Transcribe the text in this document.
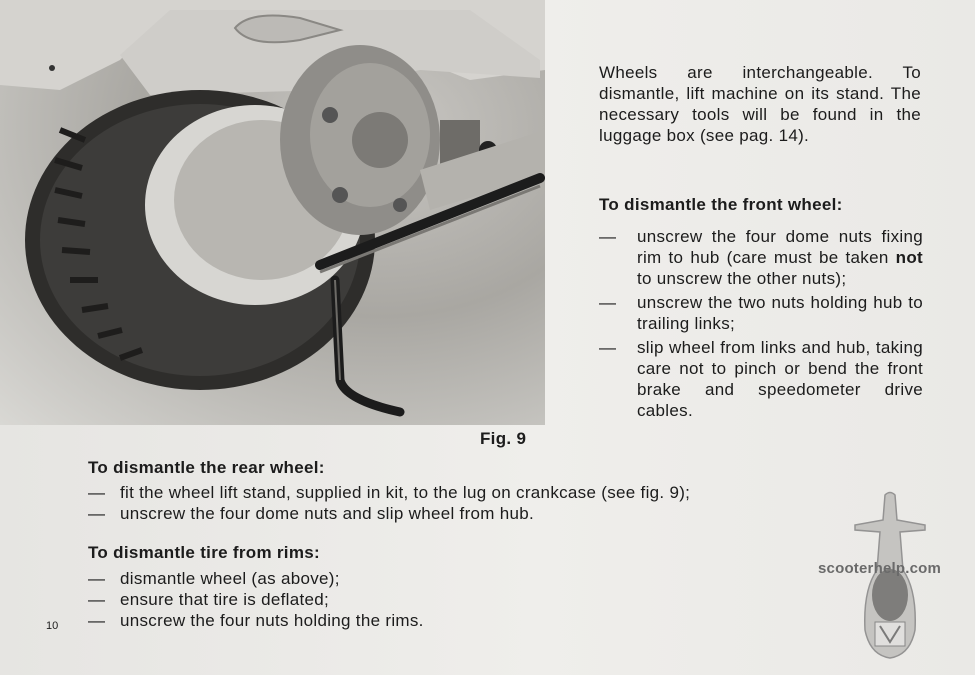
Wheels are interchangeable. To dismantle, lift machine on its stand. The necessary tools will be found in the luggage box (see pag. 14).
To dismantle the front wheel:
—	unscrew the four dome nuts fixing rim to hub (care must be taken not to unscrew the other nuts);
—	unscrew the two nuts holding hub to trailing links;
—	slip wheel from links and hub, taking care not to pinch or bend the front brake and speedometer drive cables.
Fig. 9
To dismantle the rear wheel:
— fit the wheel lift stand, supplied in kit, to the lug on crankcase (see fig. 9);
— unscrew the four dome nuts and slip wheel from hub.
To dismantle tire from rims:
— dismantle wheel (as above);
— ensure that tire is deflated;
— unscrew the four nuts holding the rims.
10
scooterhelp.com
